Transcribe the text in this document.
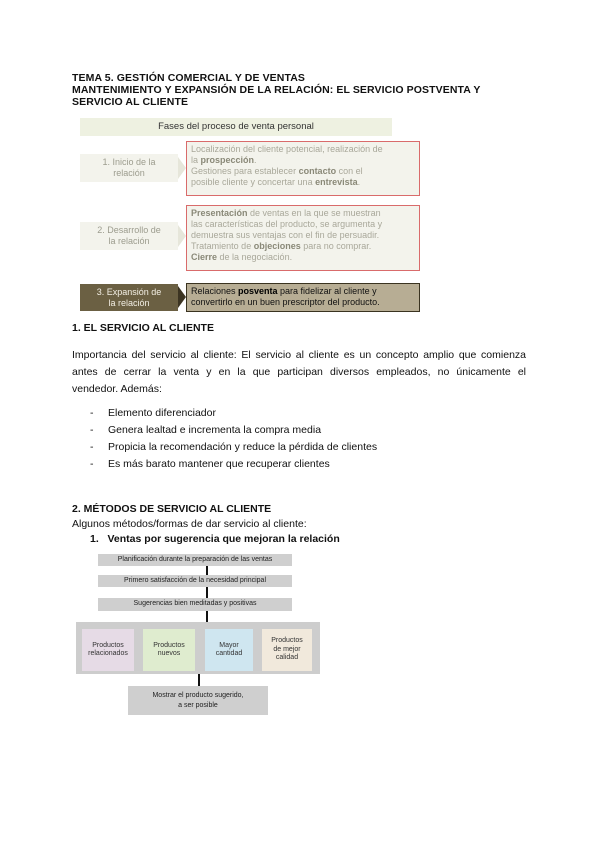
TEMA 5. GESTIÓN COMERCIAL Y DE VENTAS
MANTENIMIENTO Y EXPANSIÓN DE LA RELACIÓN: EL SERVICIO POSTVENTA Y
SERVICIO AL CLIENTE
Fases del proceso de venta personal
1. Inicio de la
relación
Localización del cliente potencial, realización de
la prospección.
Gestiones para establecer contacto con el
posible cliente y concertar una entrevista.
2. Desarrollo de
la relación
Presentación de ventas en la que se muestran
las características del producto, se argumenta y
demuestra sus ventajas con el fin de persuadir.
Tratamiento de objeciones para no comprar.
Cierre de la negociación.
3. Expansión de
la relación
Relaciones posventa para fidelizar al cliente y
convertirlo en un buen prescriptor del producto.
1. EL SERVICIO AL CLIENTE
Importancia del servicio al cliente: El servicio al cliente es un concepto amplio que comienza
antes de cerrar la venta y en la que participan diversos empleados, no únicamente el
vendedor. Además:
- Elemento diferenciador
- Genera lealtad e incrementa la compra media
- Propicia la recomendación y reduce la pérdida de clientes
- Es más barato mantener que recuperar clientes
2. MÉTODOS DE SERVICIO AL CLIENTE
Algunos métodos/formas de dar servicio al cliente:
1.   Ventas por sugerencia que mejoran la relación
Planificación durante la preparación de las ventas
Primero satisfacción de la necesidad principal
Sugerencias bien meditadas y positivas
Productos
relacionados
Productos
nuevos
Mayor
cantidad
Productos
de mejor
calidad
Mostrar el producto sugerido,
a ser posible
